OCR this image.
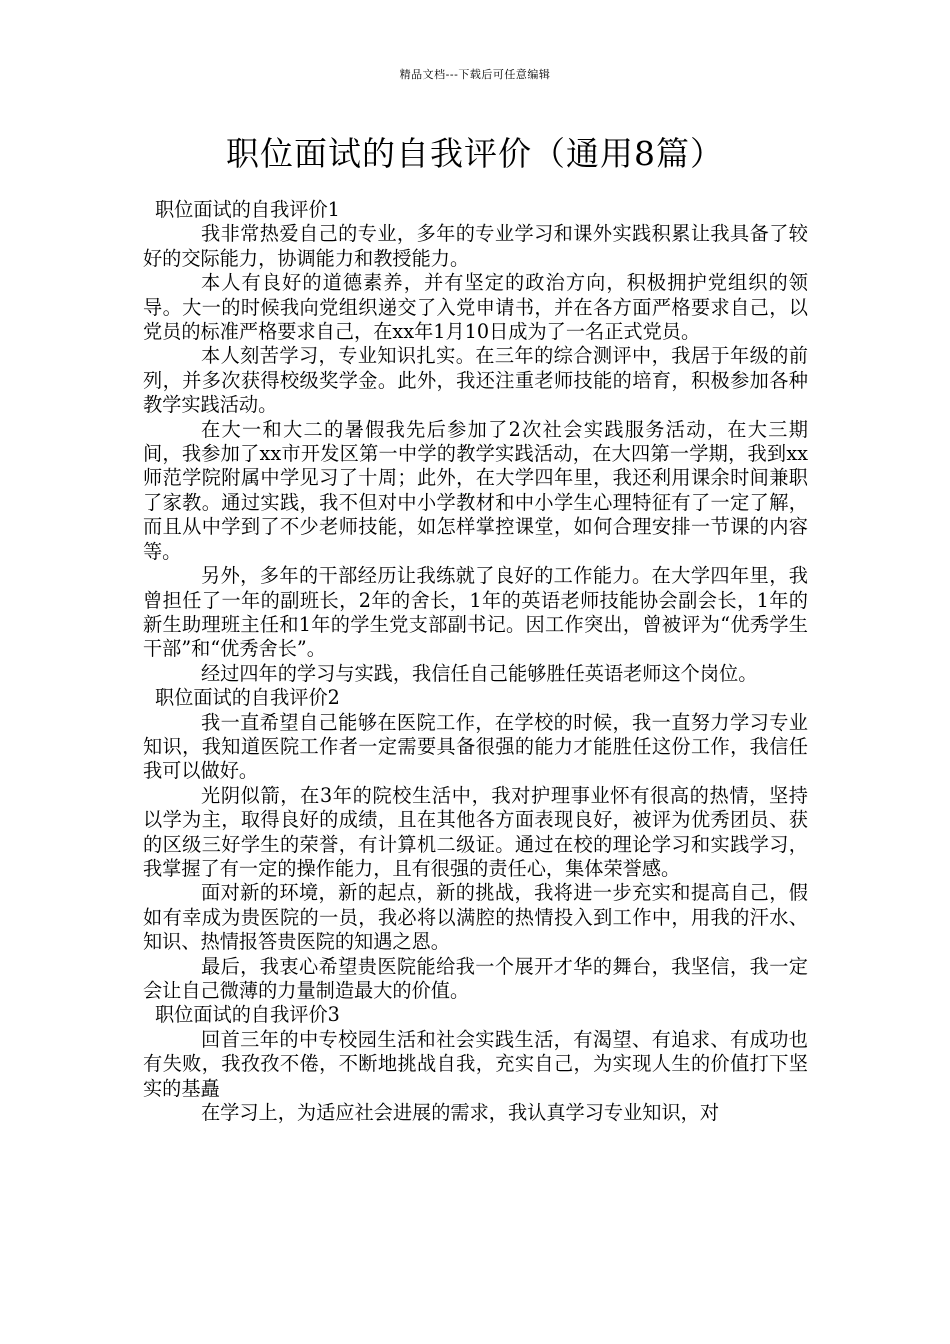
精品文档---下载后可任意编辑
职位面试的自我评价（通用8篇）

职位面试的自我评价1

我非常热爱自己的专业，多年的专业学习和课外实践积累让我具备了较好的交际能力，协调能力和教授能力。

本人有良好的道德素养，并有坚定的政治方向，积极拥护党组织的领导。大一的时候我向党组织递交了入党申请书，并在各方面严格要求自己，以党员的标准严格要求自己，在xx年1月10日成为了一名正式党员。

本人刻苦学习，专业知识扎实。在三年的综合测评中，我居于年级的前列，并多次获得校级奖学金。此外，我还注重老师技能的培育，积极参加各种教学实践活动。

在大一和大二的暑假我先后参加了2次社会实践服务活动，在大三期间，我参加了xx市开发区第一中学的教学实践活动，在大四第一学期，我到xx师范学院附属中学见习了十周；此外，在大学四年里，我还利用课余时间兼职了家教。通过实践，我不但对中小学教材和中小学生心理特征有了一定了解，而且从中学到了不少老师技能，如怎样掌控课堂，如何合理安排一节课的内容等。

另外，多年的干部经历让我练就了良好的工作能力。在大学四年里，我曾担任了一年的副班长，2年的舍长，1年的英语老师技能协会副会长，1年的新生助理班主任和1年的学生党支部副书记。因工作突出，曾被评为“优秀学生干部”和“优秀舍长”。

经过四年的学习与实践，我信任自己能够胜任英语老师这个岗位。

职位面试的自我评价2

我一直希望自己能够在医院工作，在学校的时候，我一直努力学习专业知识，我知道医院工作者一定需要具备很强的能力才能胜任这份工作，我信任我可以做好。

光阴似箭，在3年的院校生活中，我对护理事业怀有很高的热情，坚持以学为主，取得良好的成绩，且在其他各方面表现良好，被评为优秀团员、获的区级三好学生的荣誉，有计算机二级证。通过在校的理论学习和实践学习，我掌握了有一定的操作能力，且有很强的责任心，集体荣誉感。

面对新的环境，新的起点，新的挑战，我将进一步充实和提高自己，假如有幸成为贵医院的一员，我必将以满腔的热情投入到工作中，用我的汗水、知识、热情报答贵医院的知遇之恩。

最后，我衷心希望贵医院能给我一个展开才华的舞台，我坚信，我一定会让自己微薄的力量制造最大的价值。

职位面试的自我评价3

回首三年的中专校园生活和社会实践生活，有渴望、有追求、有成功也有失败，我孜孜不倦，不断地挑战自我，充实自己，为实现人生的价值打下坚实的基矗

在学习上，为适应社会进展的需求，我认真学习专业知识，对
